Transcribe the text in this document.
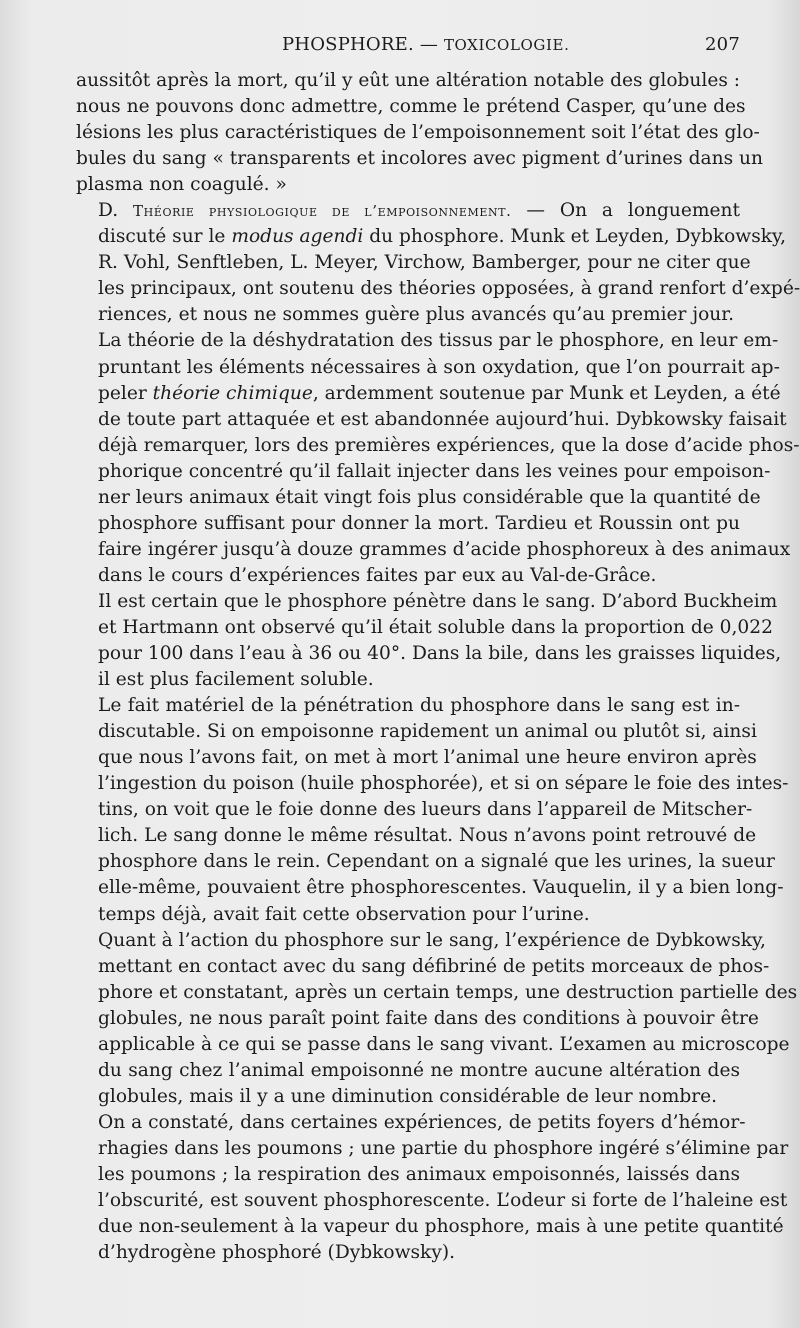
PHOSPHORE. — TOXICOLOGIE.	207

aussitôt après la mort, qu’il y eût une altération notable des globules :
nous ne pouvons donc admettre, comme le prétend Casper, qu’une des
lésions les plus caractéristiques de l’empoisonnement soit l’état des glo-
bules du sang « transparents et incolores avec pigment d’urines dans un
plasma non coagulé. »

D. Théorie physiologique de l’empoisonnement. — On a longuement
discuté sur le modus agendi du phosphore. Munk et Leyden, Dybkowsky,
R. Vohl, Senftleben, L. Meyer, Virchow, Bamberger, pour ne citer que
les principaux, ont soutenu des théories opposées, à grand renfort d’expé-
riences, et nous ne sommes guère plus avancés qu’au premier jour.

La théorie de la déshydratation des tissus par le phosphore, en leur em-
pruntant les éléments nécessaires à son oxydation, que l’on pourrait ap-
peler théorie chimique, ardemment soutenue par Munk et Leyden, a été
de toute part attaquée et est abandonnée aujourd’hui. Dybkowsky faisait
déjà remarquer, lors des premières expériences, que la dose d’acide phos-
phorique concentré qu’il fallait injecter dans les veines pour empoison-
ner leurs animaux était vingt fois plus considérable que la quantité de
phosphore suffisant pour donner la mort. Tardieu et Roussin ont pu
faire ingérer jusqu’à douze grammes d’acide phosphoreux à des animaux
dans le cours d’expériences faites par eux au Val-de-Grâce.

Il est certain que le phosphore pénètre dans le sang. D’abord Buckheim
et Hartmann ont observé qu’il était soluble dans la proportion de 0,022
pour 100 dans l’eau à 36 ou 40°. Dans la bile, dans les graisses liquides,
il est plus facilement soluble.

Le fait matériel de la pénétration du phosphore dans le sang est in-
discutable. Si on empoisonne rapidement un animal ou plutôt si, ainsi
que nous l’avons fait, on met à mort l’animal une heure environ après
l’ingestion du poison (huile phosphorée), et si on sépare le foie des intes-
tins, on voit que le foie donne des lueurs dans l’appareil de Mitscher-
lich. Le sang donne le même résultat. Nous n’avons point retrouvé de
phosphore dans le rein. Cependant on a signalé que les urines, la sueur
elle-même, pouvaient être phosphorescentes. Vauquelin, il y a bien long-
temps déjà, avait fait cette observation pour l’urine.

Quant à l’action du phosphore sur le sang, l’expérience de Dybkowsky,
mettant en contact avec du sang défibriné de petits morceaux de phos-
phore et constatant, après un certain temps, une destruction partielle des
globules, ne nous paraît point faite dans des conditions à pouvoir être
applicable à ce qui se passe dans le sang vivant. L’examen au microscope
du sang chez l’animal empoisonné ne montre aucune altération des
globules, mais il y a une diminution considérable de leur nombre.

On a constaté, dans certaines expériences, de petits foyers d’hémor-
rhagies dans les poumons ; une partie du phosphore ingéré s’élimine par
les poumons ; la respiration des animaux empoisonnés, laissés dans
l’obscurité, est souvent phosphorescente. L’odeur si forte de l’haleine est
due non-seulement à la vapeur du phosphore, mais à une petite quantité
d’hydrogène phosphoré (Dybkowsky).
